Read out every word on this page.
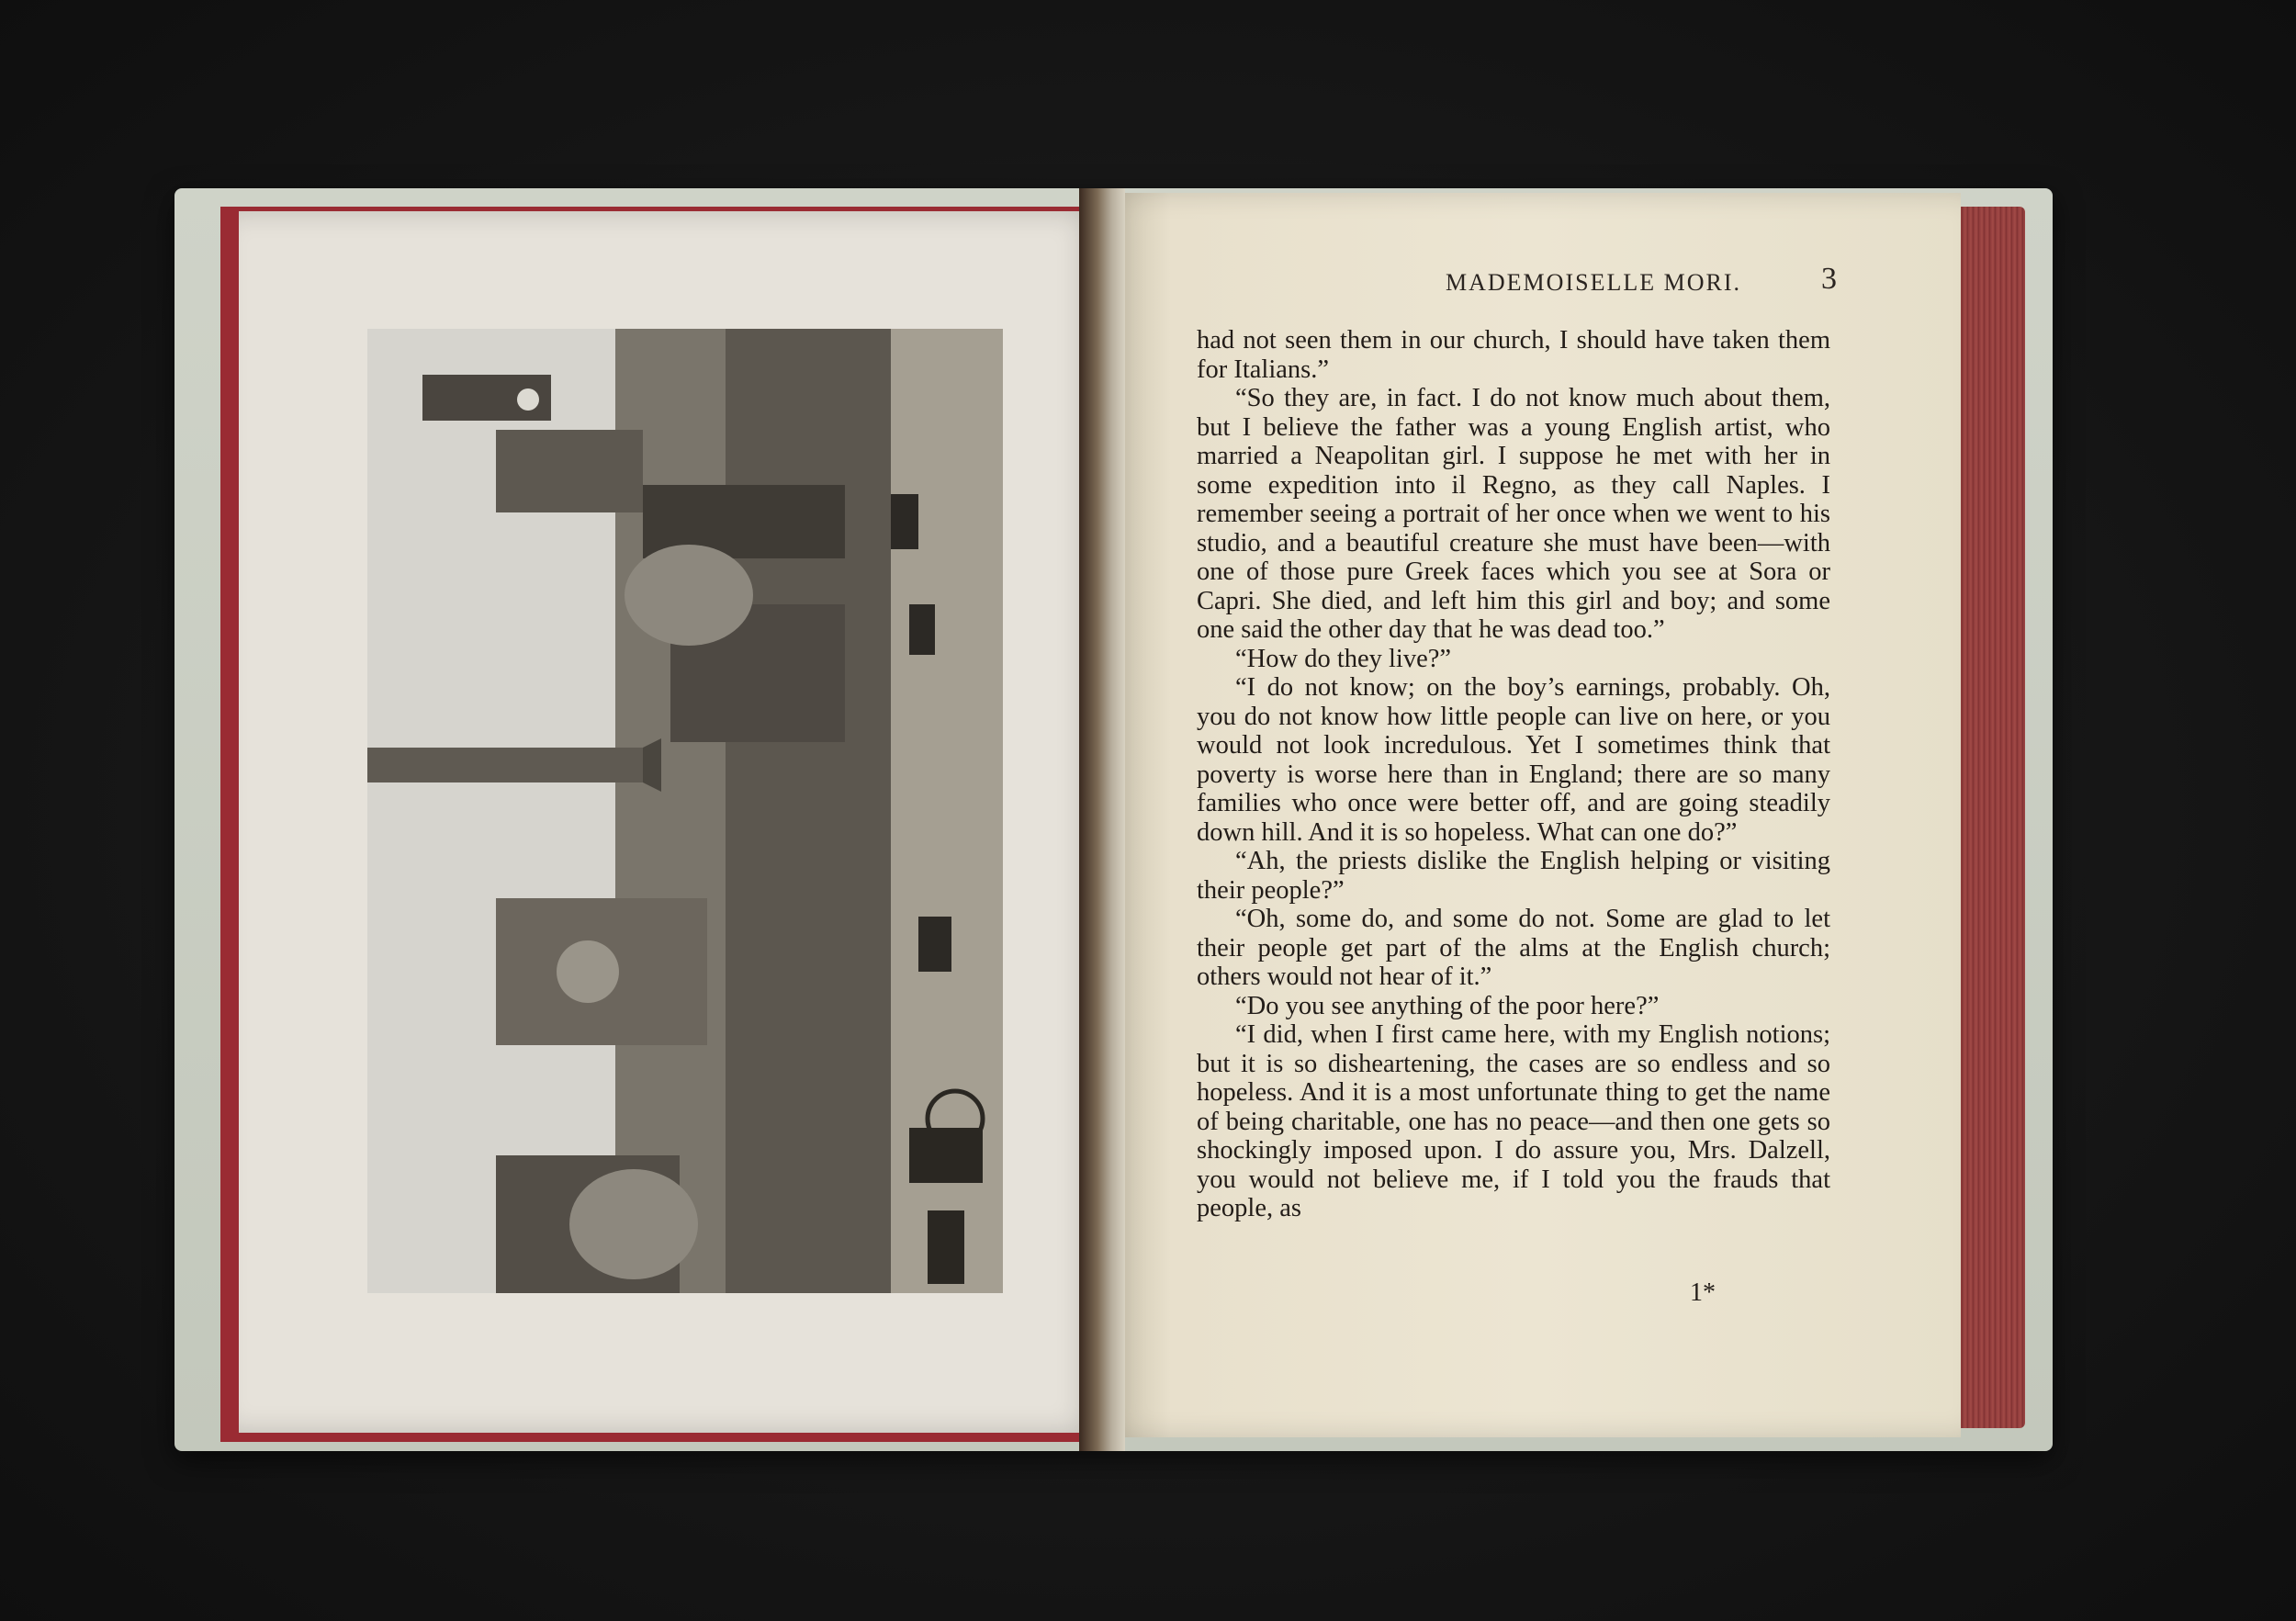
MADEMOISELLE MORI.	3

had not seen them in our church, I should have taken them for Italians.”

“So they are, in fact. I do not know much about them, but I believe the father was a young English artist, who married a Neapolitan girl. I suppose he met with her in some expedition into il Regno, as they call Naples. I remember seeing a portrait of her once when we went to his studio, and a beautiful creature she must have been—with one of those pure Greek faces which you see at Sora or Capri. She died, and left him this girl and boy; and some one said the other day that he was dead too.”

“How do they live?”

“I do not know; on the boy’s earnings, probably. Oh, you do not know how little people can live on here, or you would not look incredulous. Yet I sometimes think that poverty is worse here than in England; there are so many families who once were better off, and are going steadily down hill. And it is so hopeless. What can one do?”

“Ah, the priests dislike the English helping or visiting their people?”

“Oh, some do, and some do not. Some are glad to let their people get part of the alms at the English church; others would not hear of it.”

“Do you see anything of the poor here?”

“I did, when I first came here, with my English notions; but it is so disheartening, the cases are so endless and so hopeless. And it is a most unfortunate thing to get the name of being charitable, one has no peace—and then one gets so shockingly imposed upon. I do assure you, Mrs. Dalzell, you would not believe me, if I told you the frauds that people, as

1*
